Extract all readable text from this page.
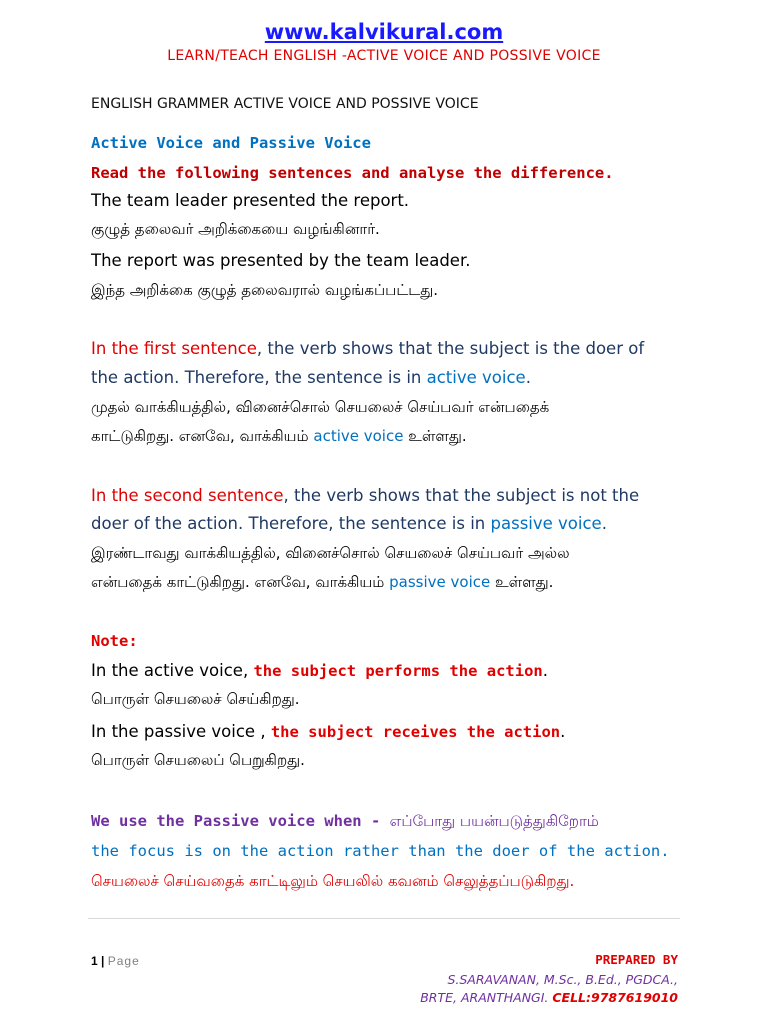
www.kalvikural.com
LEARN/TEACH ENGLISH -ACTIVE VOICE AND POSSIVE VOICE
ENGLISH GRAMMER ACTIVE VOICE AND POSSIVE VOICE
Active Voice and Passive Voice
Read the following sentences and analyse the difference.
The team leader presented the report.
குழுத் தலைவர் அறிக்கையை வழங்கினார்.
The report was presented by the team leader.
இந்த அறிக்கை குழுத் தலைவரால் வழங்கப்பட்டது.
In the first sentence, the verb shows that the subject is the doer of
the action. Therefore, the sentence is in active voice.
முதல் வாக்கியத்தில், வினைச்சொல் செயலைச் செய்பவர் என்பதைக்
காட்டுகிறது. எனவே, வாக்கியம் active voice உள்ளது.
In the second sentence, the verb shows that the subject is not the
doer of the action. Therefore, the sentence is in passive voice.
இரண்டாவது வாக்கியத்தில், வினைச்சொல் செயலைச் செய்பவர் அல்ல
என்பதைக் காட்டுகிறது. எனவே, வாக்கியம் passive voice உள்ளது.
Note:
In the active voice, the subject performs the action.
பொருள் செயலைச் செய்கிறது.
In the passive voice , the subject receives the action.
பொருள் செயலைப் பெறுகிறது.
We use the Passive voice when - எப்போது பயன்படுத்துகிறோம்
the focus is on the action rather than the doer of the action.
செயலைச் செய்வதைக் காட்டிலும் செயலில் கவனம் செலுத்தப்படுகிறது.
1 | Page	PREPARED BY
S.SARAVANAN, M.Sc., B.Ed., PGDCA.,
BRTE, ARANTHANGI. CELL:9787619010
